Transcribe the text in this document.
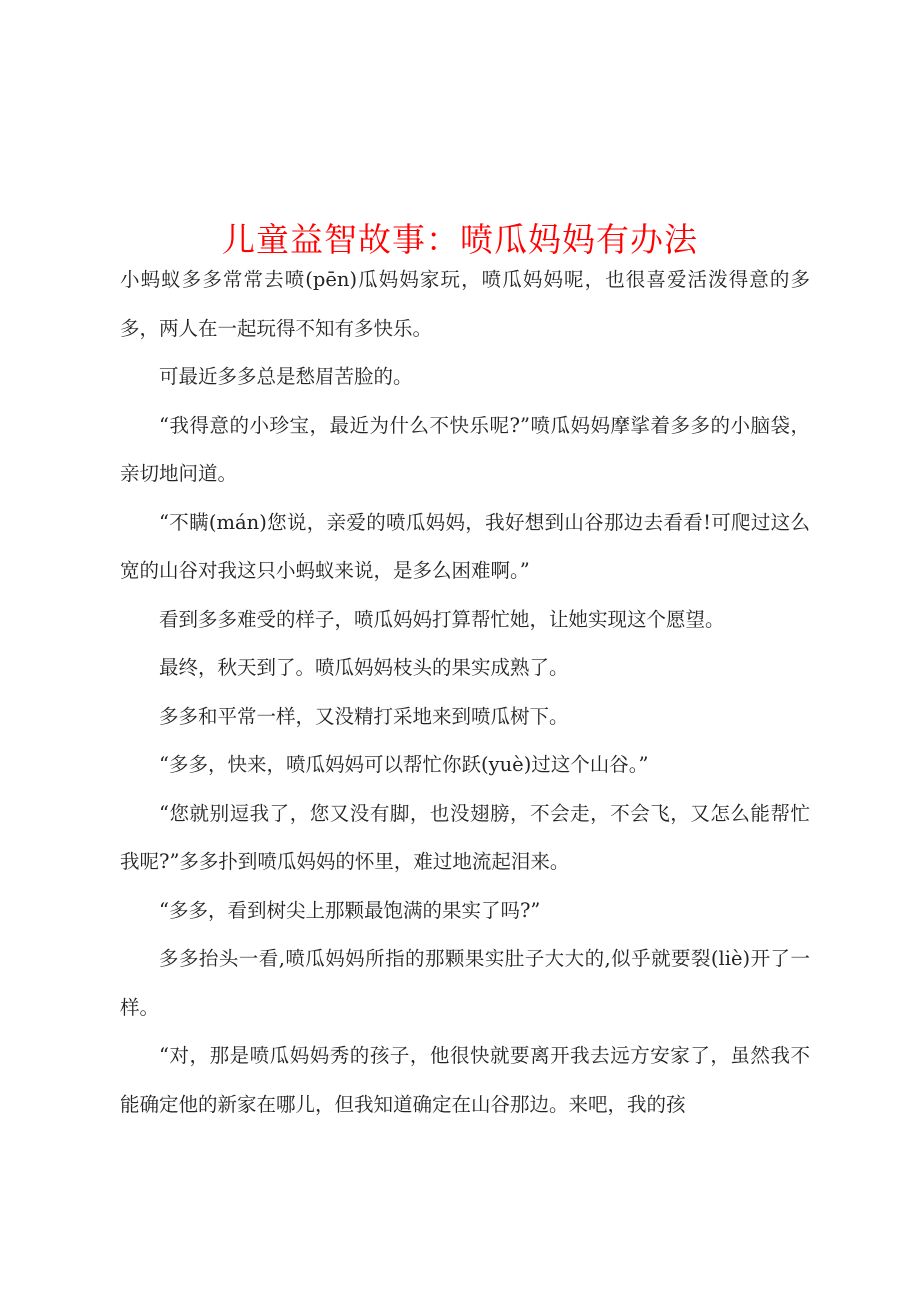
儿童益智故事：喷瓜妈妈有办法

小蚂蚁多多常常去喷(pēn)瓜妈妈家玩，喷瓜妈妈呢，也很喜爱活泼得意的多多，两人在一起玩得不知有多快乐。

可最近多多总是愁眉苦脸的。

“我得意的小珍宝，最近为什么不快乐呢?”喷瓜妈妈摩挲着多多的小脑袋，亲切地问道。

“不瞒(mán)您说，亲爱的喷瓜妈妈，我好想到山谷那边去看看!可爬过这么宽的山谷对我这只小蚂蚁来说，是多么困难啊。”

看到多多难受的样子，喷瓜妈妈打算帮忙她，让她实现这个愿望。

最终，秋天到了。喷瓜妈妈枝头的果实成熟了。

多多和平常一样，又没精打采地来到喷瓜树下。

“多多，快来，喷瓜妈妈可以帮忙你跃(yuè)过这个山谷。”

“您就别逗我了，您又没有脚，也没翅膀，不会走，不会飞，又怎么能帮忙我呢?”多多扑到喷瓜妈妈的怀里，难过地流起泪来。

“多多，看到树尖上那颗最饱满的果实了吗?”

多多抬头一看,喷瓜妈妈所指的那颗果实肚子大大的,似乎就要裂(liè)开了一样。

“对，那是喷瓜妈妈秀的孩子，他很快就要离开我去远方安家了，虽然我不能确定他的新家在哪儿，但我知道确定在山谷那边。来吧，我的孩
